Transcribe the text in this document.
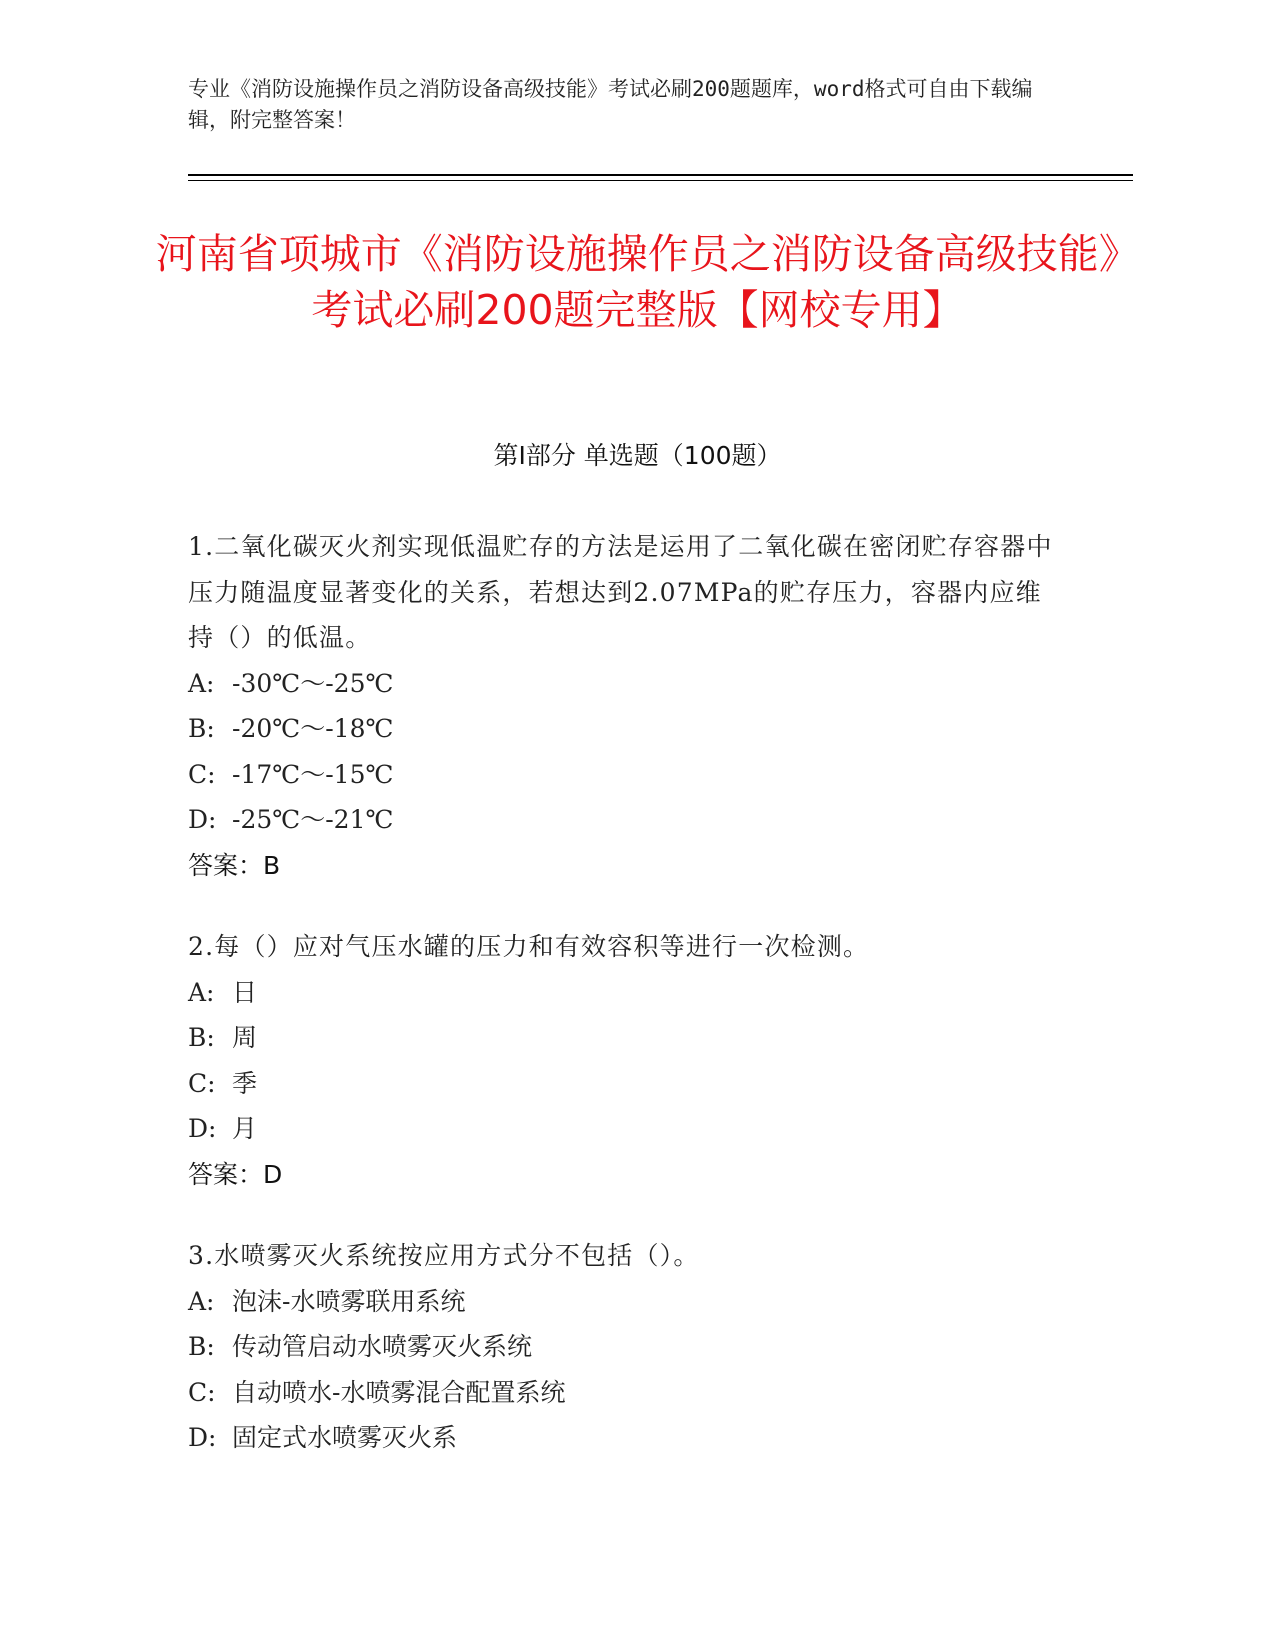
专业《消防设施操作员之消防设备高级技能》考试必刷200题题库，word格式可自由下载编辑，附完整答案！
河南省项城市《消防设施操作员之消防设备高级技能》考试必刷200题完整版【网校专用】
第Ⅰ部分 单选题（100题）
1.二氧化碳灭火剂实现低温贮存的方法是运用了二氧化碳在密闭贮存容器中压力随温度显著变化的关系，若想达到2.07MPa的贮存压力，容器内应维持（）的低温。
A: -30℃～-25℃
B: -20℃～-18℃
C: -17℃～-15℃
D: -25℃～-21℃
答案：B
2.每（）应对气压水罐的压力和有效容积等进行一次检测。
A: 日
B: 周
C: 季
D: 月
答案：D
3.水喷雾灭火系统按应用方式分不包括（）。
A: 泡沫-水喷雾联用系统
B: 传动管启动水喷雾灭火系统
C: 自动喷水-水喷雾混合配置系统
D: 固定式水喷雾灭火系
